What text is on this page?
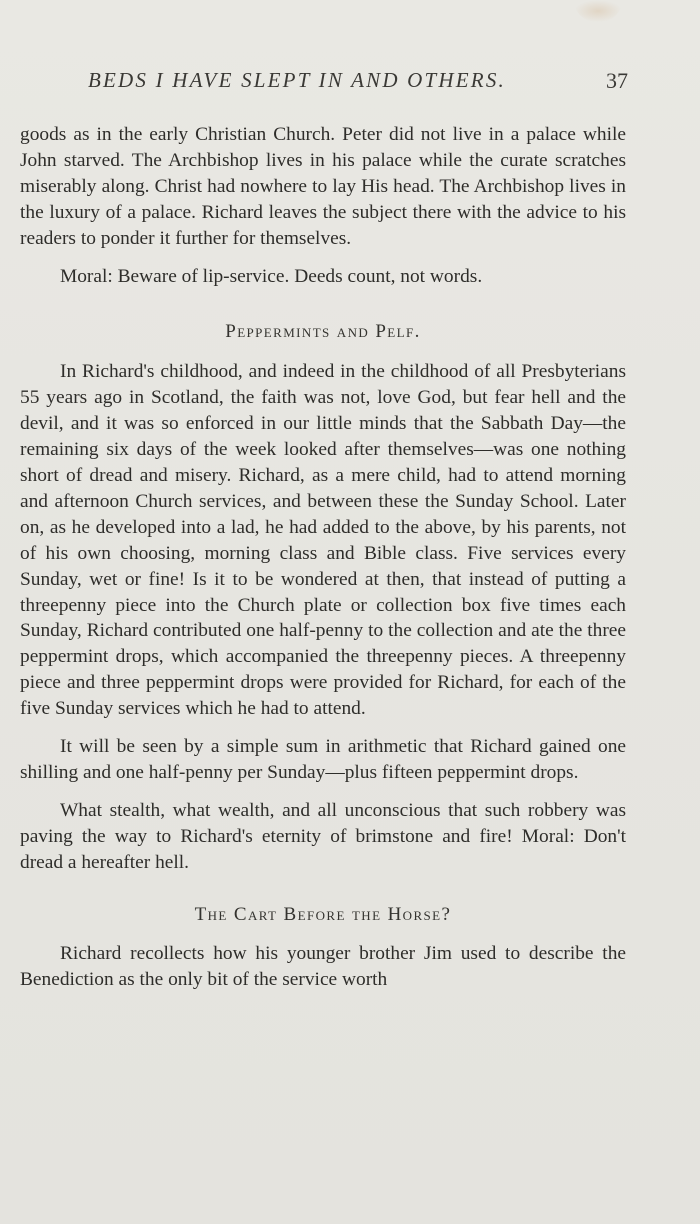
BEDS I HAVE SLEPT IN AND OTHERS.	37

goods as in the early Christian Church. Peter did not live in a palace while John starved. The Archbishop lives in his palace while the curate scratches miserably along. Christ had nowhere to lay His head. The Archbishop lives in the luxury of a palace. Richard leaves the subject there with the advice to his readers to ponder it further for themselves.

Moral: Beware of lip-service. Deeds count, not words.

Peppermints and Pelf.

In Richard's childhood, and indeed in the childhood of all Presbyterians 55 years ago in Scotland, the faith was not, love God, but fear hell and the devil, and it was so enforced in our little minds that the Sabbath Day—the remaining six days of the week looked after themselves—was one nothing short of dread and misery. Richard, as a mere child, had to attend morning and afternoon Church services, and between these the Sunday School. Later on, as he developed into a lad, he had added to the above, by his parents, not of his own choosing, morning class and Bible class. Five services every Sunday, wet or fine! Is it to be wondered at then, that instead of putting a threepenny piece into the Church plate or collection box five times each Sunday, Richard contributed one half-penny to the collection and ate the three peppermint drops, which accompanied the threepenny pieces. A threepenny piece and three peppermint drops were provided for Richard, for each of the five Sunday services which he had to attend.

It will be seen by a simple sum in arithmetic that Richard gained one shilling and one half-penny per Sunday—plus fifteen peppermint drops.

What stealth, what wealth, and all unconscious that such robbery was paving the way to Richard's eternity of brimstone and fire! Moral: Don't dread a hereafter hell.

The Cart Before the Horse?

Richard recollects how his younger brother Jim used to describe the Benediction as the only bit of the service worth
